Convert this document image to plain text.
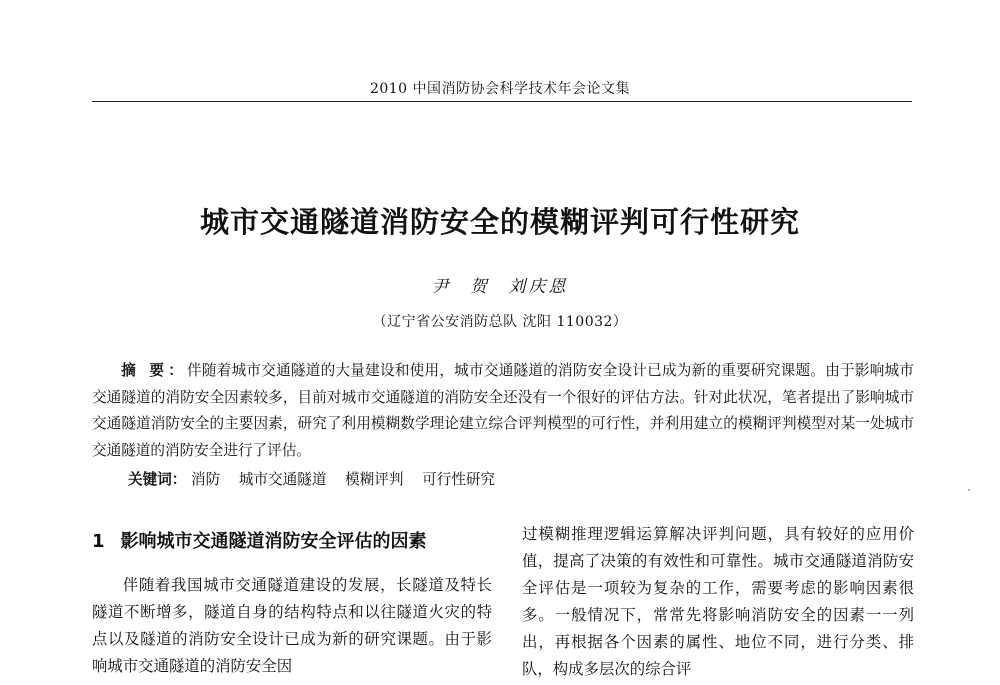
2010 中国消防协会科学技术年会论文集
城市交通隧道消防安全的模糊评判可行性研究
尹 贺 刘庆恩
（辽宁省公安消防总队 沈阳 110032）

摘 要：伴随着城市交通隧道的大量建设和使用，城市交通隧道的消防安全设计已成为新的重要研究课题。由于影响城市交通隧道的消防安全因素较多，目前对城市交通隧道的消防安全还没有一个很好的评估方法。针对此状况，笔者提出了影响城市交通隧道消防安全的主要因素，研究了利用模糊数学理论建立综合评判模型的可行性，并利用建立的模糊评判模型对某一处城市交通隧道的消防安全进行了评估。

关键词： 消防 城市交通隧道 模糊评判 可行性研究

1 影响城市交通隧道消防安全评估的因素

伴随着我国城市交通隧道建设的发展，长隧道及特长隧道不断增多，隧道自身的结构特点和以往隧道火灾的特点以及隧道的消防安全设计已成为新的研究课题。由于影响城市交通隧道的消防安全因

过模糊推理逻辑运算解决评判问题，具有较好的应用价值，提高了决策的有效性和可靠性。城市交通隧道消防安全评估是一项较为复杂的工作，需要考虑的影响因素很多。一般情况下，常常先将影响消防安全的因素一一列出，再根据各个因素的属性、地位不同，进行分类、排队，构成多层次的综合评
